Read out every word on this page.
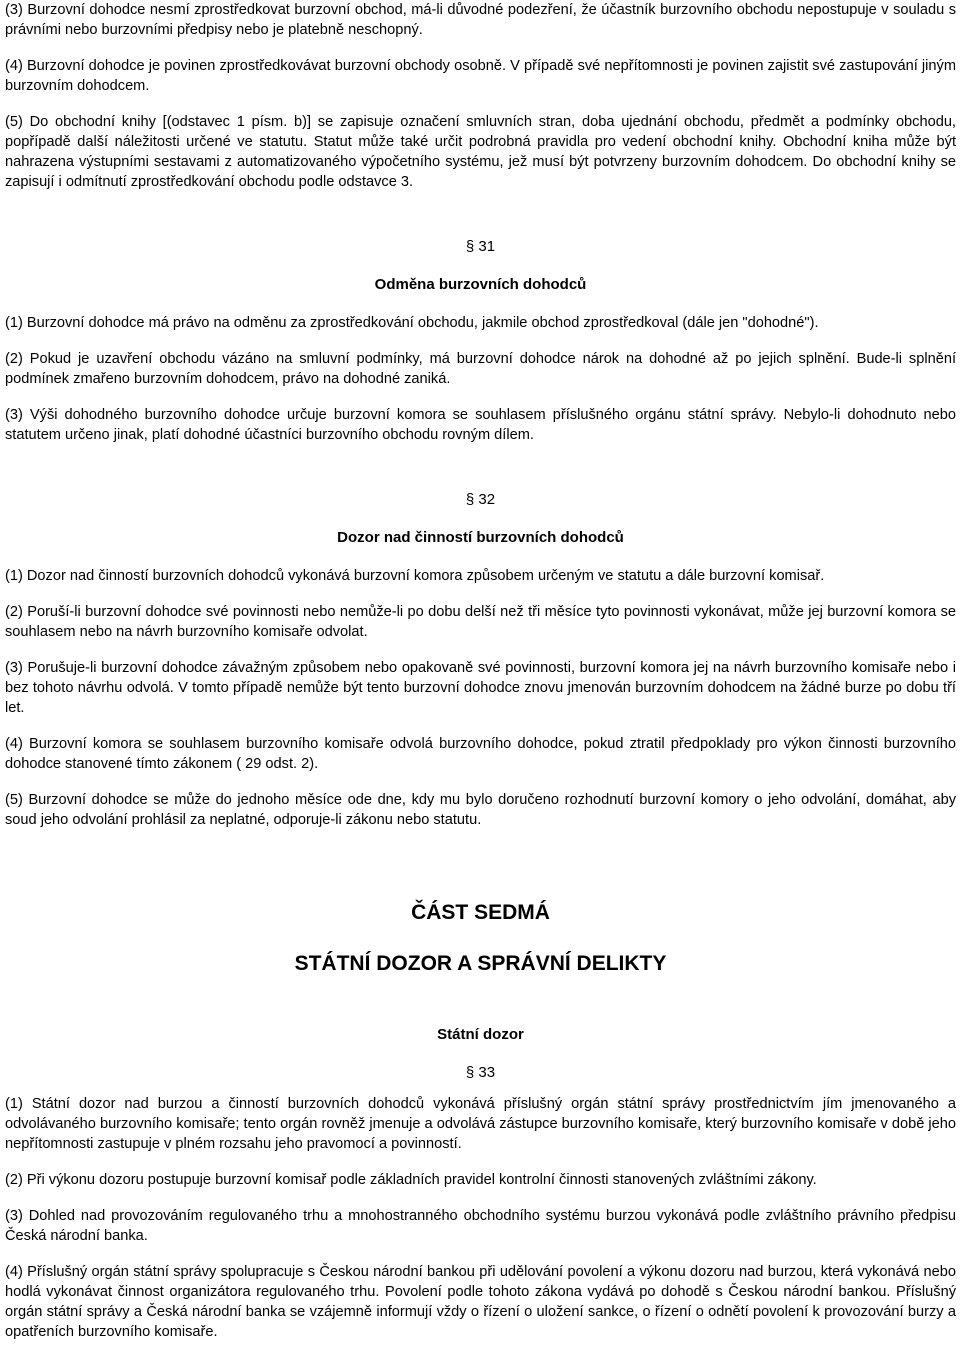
(3) Burzovní dohodce nesmí zprostředkovat burzovní obchod, má-li důvodné podezření, že účastník burzovního obchodu nepostupuje v souladu s právními nebo burzovními předpisy nebo je platebně neschopný.

(4) Burzovní dohodce je povinen zprostředkovávat burzovní obchody osobně. V případě své nepřítomnosti je povinen zajistit své zastupování jiným burzovním dohodcem.

(5) Do obchodní knihy [(odstavec 1 písm. b)] se zapisuje označení smluvních stran, doba ujednání obchodu, předmět a podmínky obchodu, popřípadě další náležitosti určené ve statutu. Statut může také určit podrobná pravidla pro vedení obchodní knihy. Obchodní kniha může být nahrazena výstupními sestavami z automatizovaného výpočetního systému, jež musí být potvrzeny burzovním dohodcem. Do obchodní knihy se zapisují i odmítnutí zprostředkování obchodu podle odstavce 3.

§ 31

Odměna burzovních dohodců

(1) Burzovní dohodce má právo na odměnu za zprostředkování obchodu, jakmile obchod zprostředkoval (dále jen "dohodné").

(2) Pokud je uzavření obchodu vázáno na smluvní podmínky, má burzovní dohodce nárok na dohodné až po jejich splnění. Bude-li splnění podmínek zmařeno burzovním dohodcem, právo na dohodné zaniká.

(3) Výši dohodného burzovního dohodce určuje burzovní komora se souhlasem příslušného orgánu státní správy. Nebylo-li dohodnuto nebo statutem určeno jinak, platí dohodné účastníci burzovního obchodu rovným dílem.

§ 32

Dozor nad činností burzovních dohodců

(1) Dozor nad činností burzovních dohodců vykonává burzovní komora způsobem určeným ve statutu a dále burzovní komisař.

(2) Poruší-li burzovní dohodce své povinnosti nebo nemůže-li po dobu delší než tři měsíce tyto povinnosti vykonávat, může jej burzovní komora se souhlasem nebo na návrh burzovního komisaře odvolat.

(3) Porušuje-li burzovní dohodce závažným způsobem nebo opakovaně své povinnosti, burzovní komora jej na návrh burzovního komisaře nebo i bez tohoto návrhu odvolá. V tomto případě nemůže být tento burzovní dohodce znovu jmenován burzovním dohodcem na žádné burze po dobu tří let.

(4) Burzovní komora se souhlasem burzovního komisaře odvolá burzovního dohodce, pokud ztratil předpoklady pro výkon činnosti burzovního dohodce stanovené tímto zákonem ( 29 odst. 2).

(5) Burzovní dohodce se může do jednoho měsíce ode dne, kdy mu bylo doručeno rozhodnutí burzovní komory o jeho odvolání, domáhat, aby soud jeho odvolání prohlásil za neplatné, odporuje-li zákonu nebo statutu.

ČÁST SEDMÁ

STÁTNÍ DOZOR A SPRÁVNÍ DELIKTY

Státní dozor

§ 33

(1) Státní dozor nad burzou a činností burzovních dohodců vykonává příslušný orgán státní správy prostřednictvím jím jmenovaného a odvolávaného burzovního komisaře; tento orgán rovněž jmenuje a odvolává zástupce burzovního komisaře, který burzovního komisaře v době jeho nepřítomnosti zastupuje v plném rozsahu jeho pravomocí a povinností.

(2) Při výkonu dozoru postupuje burzovní komisař podle základních pravidel kontrolní činnosti stanovených zvláštními zákony.

(3) Dohled nad provozováním regulovaného trhu a mnohostranného obchodního systému burzou vykonává podle zvláštního právního předpisu Česká národní banka.

(4) Příslušný orgán státní správy spolupracuje s Českou národní bankou při udělování povolení a výkonu dozoru nad burzou, která vykonává nebo hodlá vykonávat činnost organizátora regulovaného trhu. Povolení podle tohoto zákona vydává po dohodě s Českou národní bankou. Příslušný orgán státní správy a Česká národní banka se vzájemně informují vždy o řízení o uložení sankce, o řízení o odnětí povolení k provozování burzy a opatřeních burzovního komisaře.
